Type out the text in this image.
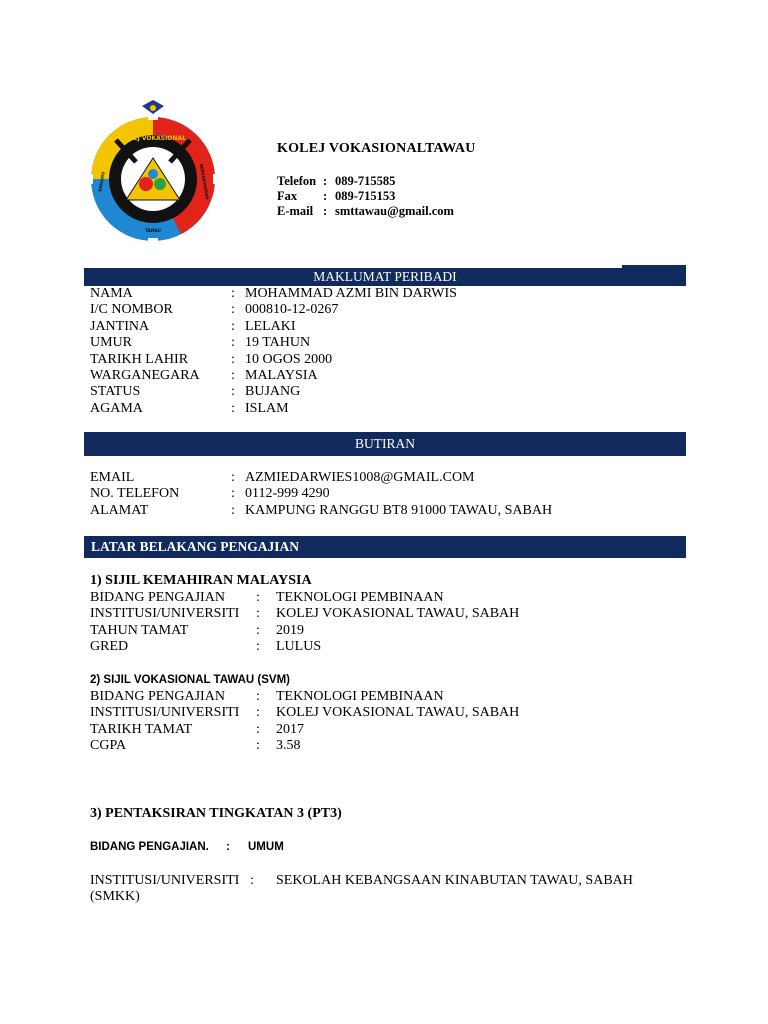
KOLEJ VOKASIONAL
BERILMU	BERKEMAHIRAN
TAWAU
KOLEJ VOKASIONALTAWAU
Telefon : 089-715585
Fax	: 089-715153
E-mail : smttawau@gmail.com
MAKLUMAT PERIBADI
NAMA	: MOHAMMAD AZMI BIN DARWIS
I/C NOMBOR	: 000810-12-0267
JANTINA	: LELAKI
UMUR	: 19 TAHUN
TARIKH LAHIR	: 10 OGOS 2000
WARGANEGARA	: MALAYSIA
STATUS	: BUJANG
AGAMA	: ISLAM
BUTIRAN
EMAIL	: AZMIEDARWIES1008@GMAIL.COM
NO. TELEFON	: 0112-999 4290
ALAMAT	: KAMPUNG RANGGU BT8 91000 TAWAU, SABAH
LATAR BELAKANG PENGAJIAN
1) SIJIL KEMAHIRAN MALAYSIA
BIDANG PENGAJIAN	:	TEKNOLOGI PEMBINAAN
INSTITUSI/UNIVERSITI	:	KOLEJ VOKASIONAL TAWAU, SABAH
TAHUN TAMAT	:	2019
GRED	:	LULUS
2) SIJIL VOKASIONAL TAWAU (SVM)
BIDANG PENGAJIAN	:	TEKNOLOGI PEMBINAAN
INSTITUSI/UNIVERSITI	:	KOLEJ VOKASIONAL TAWAU, SABAH
TARIKH TAMAT	:	2017
CGPA	:	3.58
3) PENTAKSIRAN TINGKATAN 3 (PT3)
BIDANG PENGAJIAN.	:	UMUM
INSTITUSI/UNIVERSITI :	SEKOLAH KEBANGSAAN KINABUTAN TAWAU, SABAH
(SMKK)
